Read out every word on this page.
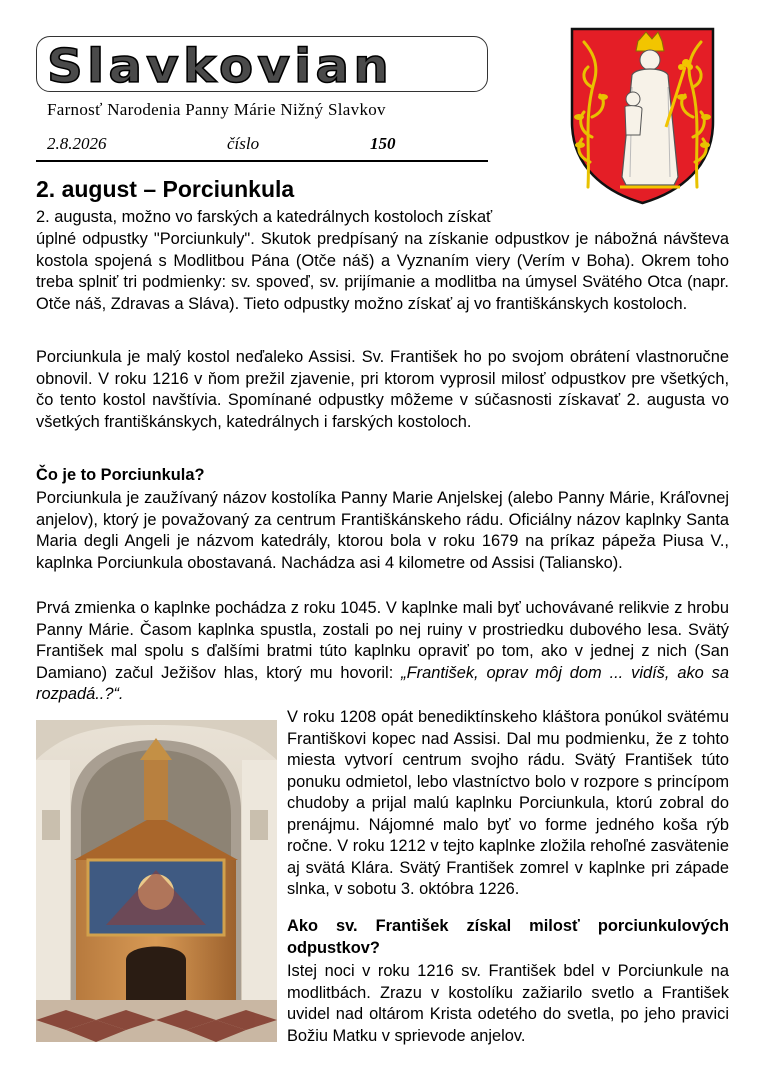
Slavkovian
Farnosť Narodenia Panny Márie Nižný Slavkov
2.8.2026	číslo	150
2. august – Porciunkula
2. augusta, možno vo farských a katedrálnych kostoloch získať
úplné odpustky "Porciunkuly". Skutok predpísaný na získanie odpustkov je nábožná návšteva kostola spojená s Modlitbou Pána (Otče náš) a Vyznaním viery (Verím v Boha). Okrem toho treba splniť tri podmienky: sv. spoveď, sv. prijímanie a modlitba na úmysel Svätého Otca (napr. Otče náš, Zdravas a Sláva). Tieto odpustky možno získať aj vo františkánskych kostoloch.
Porciunkula je malý kostol neďaleko Assisi. Sv. František ho po svojom obrátení vlastnoručne obnovil. V roku 1216 v ňom prežil zjavenie, pri ktorom vyprosil milosť odpustkov pre všetkých, čo tento kostol navštívia. Spomínané odpustky môžeme v súčasnosti získavať 2. augusta vo všetkých františkánskych, katedrálnych i farských kostoloch.
Čo je to Porciunkula?
Porciunkula je zaužívaný názov kostolíka Panny Marie Anjelskej (alebo Panny Márie, Kráľovnej anjelov), ktorý je považovaný za centrum Františkánskeho rádu. Oficiálny názov kaplnky Santa Maria degli Angeli je názvom katedrály, ktorou bola v roku 1679 na príkaz pápeža Piusa V., kaplnka Porciunkula obostavaná. Nachádza asi 4 kilometre od Assisi (Taliansko).
Prvá zmienka o kaplnke pochádza z roku 1045. V kaplnke mali byť uchovávané relikvie z hrobu Panny Márie. Časom kaplnka spustla, zostali po nej ruiny v prostriedku dubového lesa. Svätý František mal spolu s ďalšími bratmi túto kaplnku opraviť po tom, ako v jednej z nich (San Damiano) začul Ježišov hlas, ktorý mu hovoril: „František, oprav môj dom ... vidíš, ako sa rozpadá..?“.
V roku 1208 opát benediktínskeho kláštora ponúkol svätému Františkovi kopec nad Assisi. Dal mu podmienku, že z tohto miesta vytvorí centrum svojho rádu. Svätý František túto ponuku odmietol, lebo vlastníctvo bolo v rozpore s princípom chudoby a prijal malú kaplnku Porciunkula, ktorú zobral do prenájmu. Nájomné malo byť vo forme jedného koša rýb ročne. V roku 1212 v tejto kaplnke zložila rehoľné zasvätenie aj svätá Klára. Svätý František zomrel v kaplnke pri západe slnka, v sobotu 3. októbra 1226.
Ako sv. František získal milosť porciunkulových odpustkov?
Istej noci v roku 1216 sv. František bdel v Porciunkule na modlitbách. Zrazu v kostolíku zažiarilo svetlo a František uvidel nad oltárom Krista odetého do svetla, po jeho pravici Božiu Matku v sprievode anjelov.
